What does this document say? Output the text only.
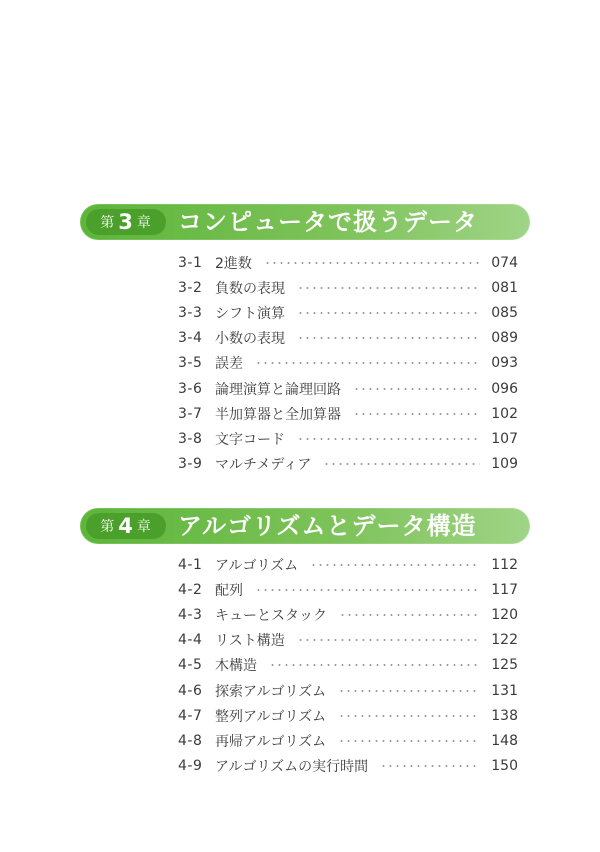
第 3 章 コンピュータで扱うデータ
3-1 2進数	074
3-2 負数の表現	081
3-3 シフト演算	085
3-4 小数の表現	089
3-5 誤差	093
3-6 論理演算と論理回路	096
3-7 半加算器と全加算器	102
3-8 文字コード	107
3-9 マルチメディア	109
第 4 章 アルゴリズムとデータ構造
4-1 アルゴリズム	112
4-2 配列	117
4-3 キューとスタック	120
4-4 リスト構造	122
4-5 木構造	125
4-6 探索アルゴリズム	131
4-7 整列アルゴリズム	138
4-8 再帰アルゴリズム	148
4-9 アルゴリズムの実行時間	150
